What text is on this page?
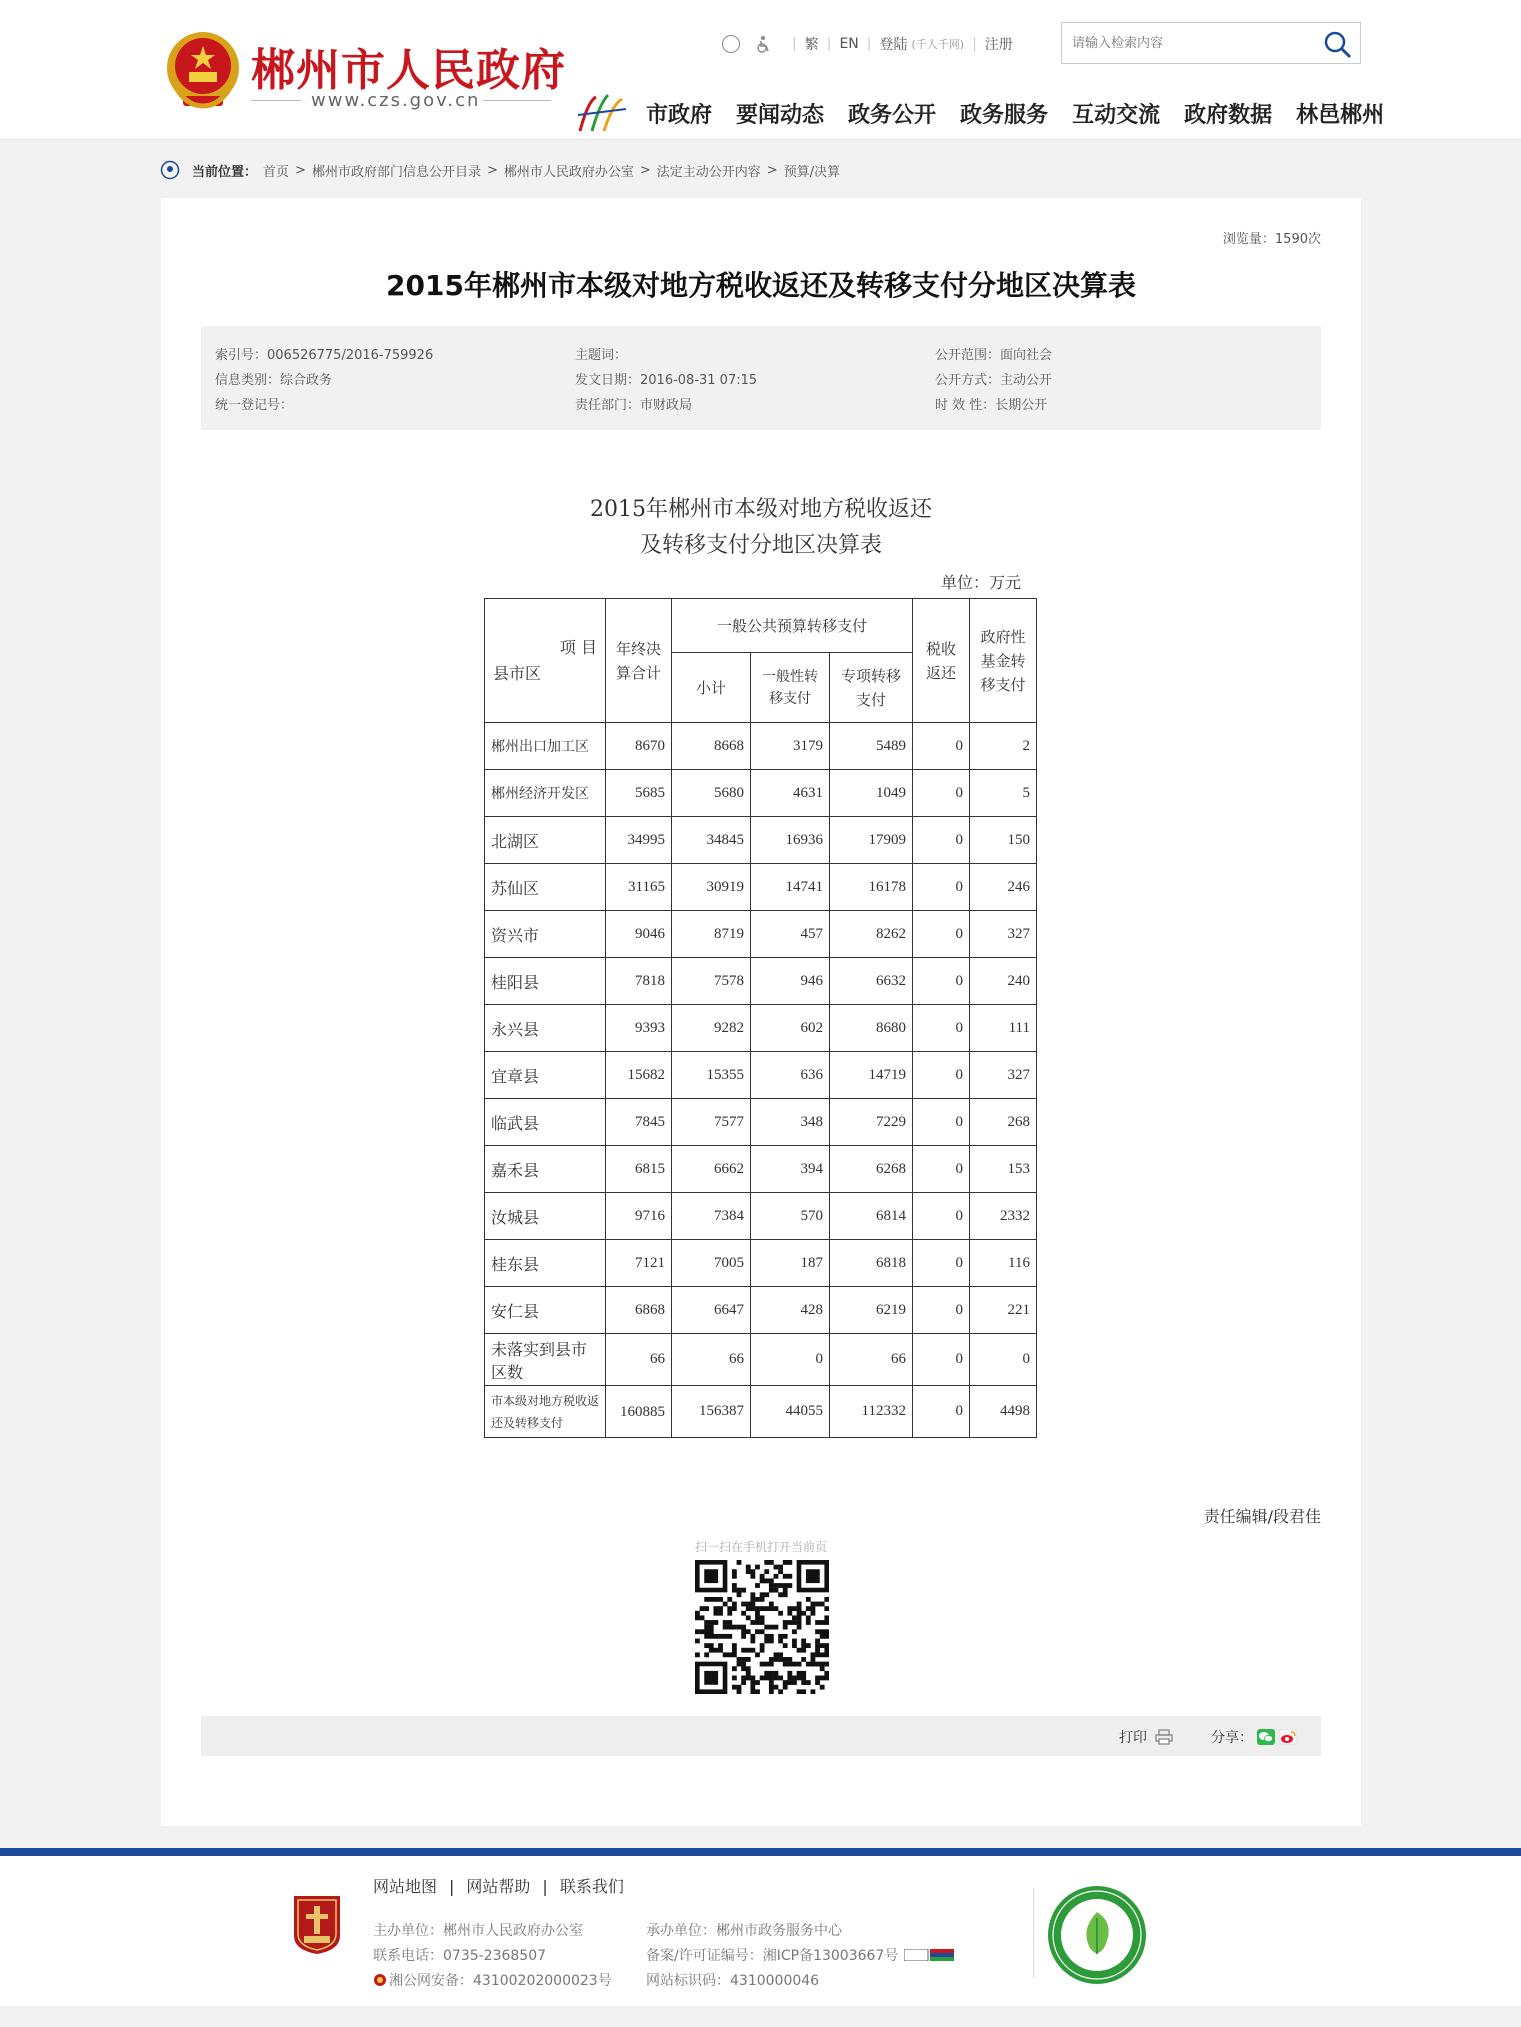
郴州市人民政府
www.czs.gov.cn
| 繁 | EN | 登陆 (千人千网) | 注册
请输入检索内容
市政府 要闻动态 政务公开 政务服务 互动交流 政府数据 林邑郴州
当前位置： 首页 > 郴州市政府部门信息公开目录 > 郴州市人民政府办公室 > 法定主动公开内容 > 预算/决算
浏览量：1590次
2015年郴州市本级对地方税收返还及转移支付分地区决算表
索引号：006526775/2016-759926
信息类别：综合政务
统一登记号：
主题词：
发文日期：2016-08-31 07:15
责任部门：市财政局
公开范围：面向社会
公开方式：主动公开
时 效 性：长期公开
2015年郴州市本级对地方税收返还
及转移支付分地区决算表
单位：万元
项 目
县市区	年终决算合计	一般公共预算转移支付			税收返还	政府性基金转移支付
		小计	一般性转移支付	专项转移支付		
郴州出口加工区	8670	8668	3179	5489	0	2
郴州经济开发区	5685	5680	4631	1049	0	5
北湖区	34995	34845	16936	17909	0	150
苏仙区	31165	30919	14741	16178	0	246
资兴市	9046	8719	457	8262	0	327
桂阳县	7818	7578	946	6632	0	240
永兴县	9393	9282	602	8680	0	111
宜章县	15682	15355	636	14719	0	327
临武县	7845	7577	348	7229	0	268
嘉禾县	6815	6662	394	6268	0	153
汝城县	9716	7384	570	6814	0	2332
桂东县	7121	7005	187	6818	0	116
安仁县	6868	6647	428	6219	0	221
未落实到县市区数	66	66	0	66	0	0
市本级对地方税收返还及转移支付	160885	156387	44055	112332	0	4498
责任编辑/段君佳
扫一扫在手机打开当前页
打印	分享：
网站地图 | 网站帮助 | 联系我们
主办单位：郴州市人民政府办公室
联系电话：0735-2368507
湘公网安备：43100202000023号
承办单位：郴州市政务服务中心
备案/许可证编号：湘ICP备13003667号
网站标识码：4310000046
